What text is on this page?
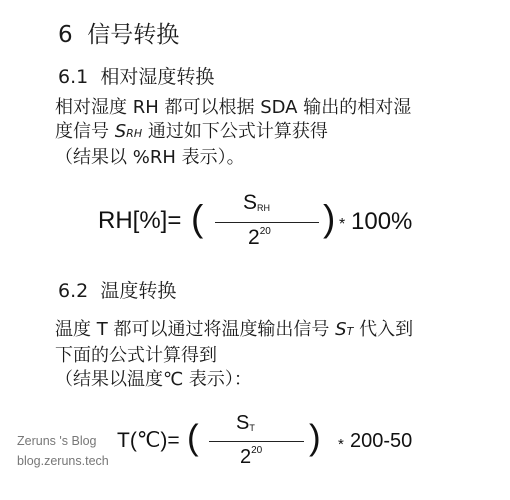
6 信号转换
6.1 相对湿度转换
相对湿度 RH 都可以根据 SDA 输出的相对湿
度信号 SRH 通过如下公式计算获得
（结果以 %RH 表示）。
RH[%]= ( SRH
$2^{20}$ ) * 100%
6.2 温度转换
温度 T 都可以通过将温度输出信号 ST 代入到
下面的公式计算得到
（结果以温度℃ 表示）：
T(℃)= ( ST
$2^{20}$ ) * 200-50
Zeruns 's Blog
blog.zeruns.tech
